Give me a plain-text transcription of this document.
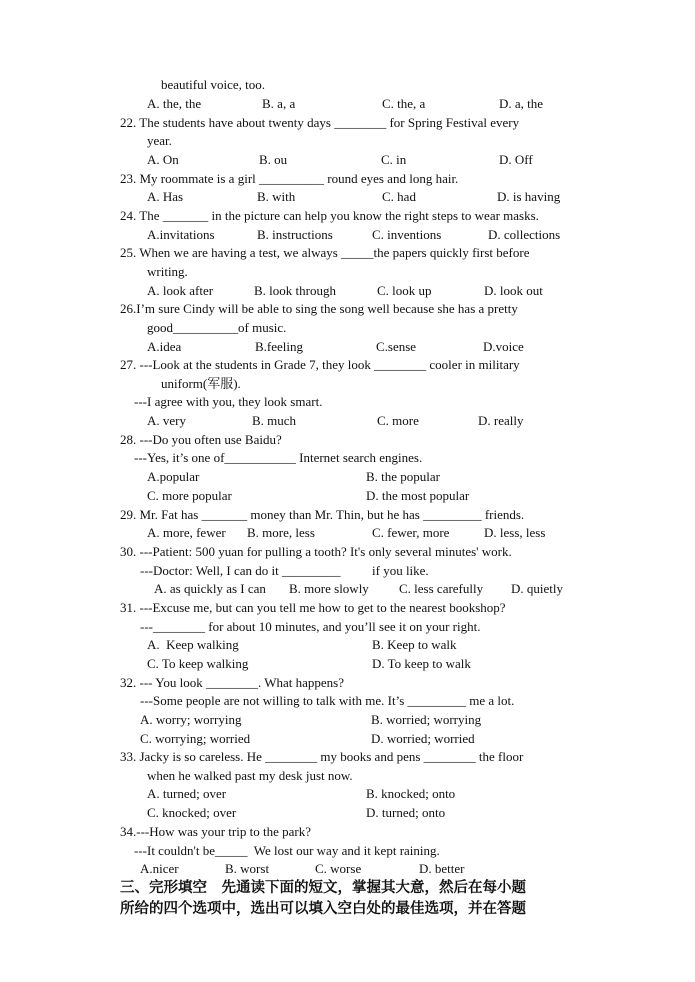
beautiful voice, too.
A. the, the	B. a, a	C. the, a	D. a, the
22. The students have about twenty days ________ for Spring Festival every
year.
A. On	B. ou	C. in	D. Off
23. My roommate is a girl __________ round eyes and long hair.
A. Has	B. with	C. had	D. is having
24. The _______ in the picture can help you know the right steps to wear masks.
A.invitations	B. instructions	C. inventions	D. collections
25. When we are having a test, we always _____the papers quickly first before
writing.
A. look after	B. look through	C. look up	D. look out
26.I’m sure Cindy will be able to sing the song well because she has a pretty
good__________of music.
A.idea	B.feeling	C.sense	D.voice
27. ---Look at the students in Grade 7, they look ________ cooler in military
uniform(军服).
---I agree with you, they look smart.
A. very	B. much	C. more	D. really
28. ---Do you often use Baidu?
---Yes, it’s one of___________ Internet search engines.
A.popular	B. the popular
C. more popular	D. the most popular
29. Mr. Fat has _______ money than Mr. Thin, but he has _________ friends.
A. more, fewer B. more, less	C. fewer, more	D. less, less
30. ---Patient: 500 yuan for pulling a tooth? It's only several minutes' work.
---Doctor: Well, I can do it _________ if you like.
A. as quickly as I can B. more slowly C. less carefully D. quietly
31. ---Excuse me, but can you tell me how to get to the nearest bookshop?
---________ for about 10 minutes, and you’ll see it on your right.
A.  Keep walking	B. Keep to walk
C. To keep walking	D. To keep to walk
32. --- You look ________. What happens?
---Some people are not willing to talk with me. It’s _________ me a lot.
A. worry; worrying	B. worried; worrying
C. worrying; worried	D. worried; worried
33. Jacky is so careless. He ________ my books and pens ________ the floor
when he walked past my desk just now.
A. turned; over	B. knocked; onto
C. knocked; over	D. turned; onto
34.---How was your trip to the park?
---It couldn't be_____  We lost our way and it kept raining.
A.nicer	B. worst	C. worse	D. better
三、完形填空　先通读下面的短文，掌握其大意，然后在每小题
所给的四个选项中，选出可以填入空白处的最佳选项，并在答题
